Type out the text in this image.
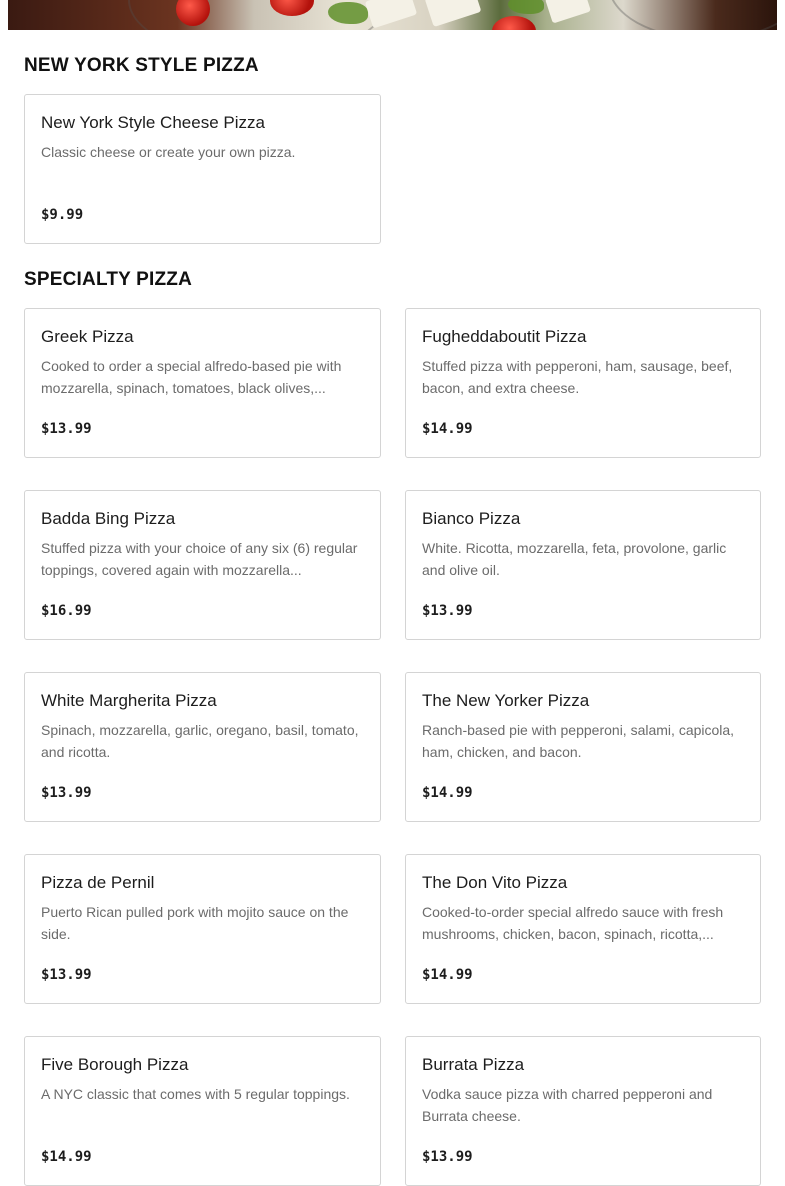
NEW YORK STYLE PIZZA
New York Style Cheese Pizza
Classic cheese or create your own pizza.
$9.99
SPECIALTY PIZZA
Greek Pizza
Cooked to order a special alfredo-based pie with mozzarella, spinach, tomatoes, black olives,...
$13.99
Fugheddaboutit Pizza
Stuffed pizza with pepperoni, ham, sausage, beef, bacon, and extra cheese.
$14.99
Badda Bing Pizza
Stuffed pizza with your choice of any six (6) regular toppings, covered again with mozzarella...
$16.99
Bianco Pizza
White. Ricotta, mozzarella, feta, provolone, garlic and olive oil.
$13.99
White Margherita Pizza
Spinach, mozzarella, garlic, oregano, basil, tomato, and ricotta.
$13.99
The New Yorker Pizza
Ranch-based pie with pepperoni, salami, capicola, ham, chicken, and bacon.
$14.99
Pizza de Pernil
Puerto Rican pulled pork with mojito sauce on the side.
$13.99
The Don Vito Pizza
Cooked-to-order special alfredo sauce with fresh mushrooms, chicken, bacon, spinach, ricotta,...
$14.99
Five Borough Pizza
A NYC classic that comes with 5 regular toppings.
$14.99
Burrata Pizza
Vodka sauce pizza with charred pepperoni and Burrata cheese.
$13.99
